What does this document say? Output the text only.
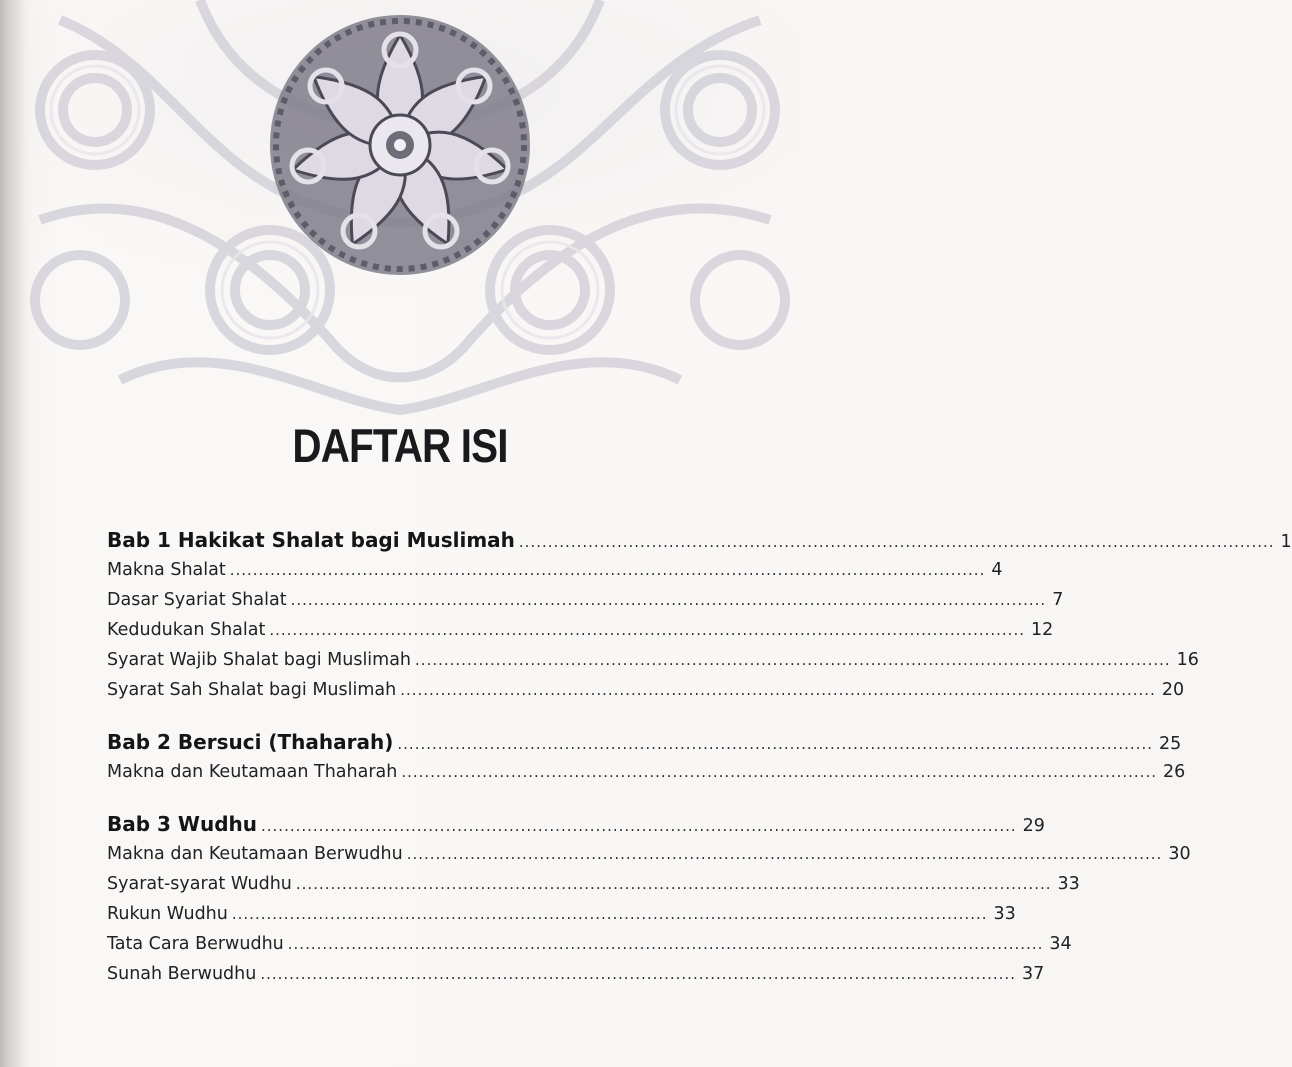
DAFTAR ISI
Bab 1 Hakikat Shalat bagi Muslimah ................................................................................................................................... 1
Makna Shalat ................................................................................................................................... 4
Dasar Syariat Shalat ................................................................................................................................... 7
Kedudukan Shalat ................................................................................................................................... 12
Syarat Wajib Shalat bagi Muslimah ................................................................................................................................... 16
Syarat Sah Shalat bagi Muslimah ................................................................................................................................... 20
Bab 2 Bersuci (Thaharah) ................................................................................................................................... 25
Makna dan Keutamaan Thaharah ................................................................................................................................... 26
Bab 3 Wudhu ................................................................................................................................... 29
Makna dan Keutamaan Berwudhu ................................................................................................................................... 30
Syarat-syarat Wudhu ................................................................................................................................... 33
Rukun Wudhu ................................................................................................................................... 33
Tata Cara Berwudhu ................................................................................................................................... 34
Sunah Berwudhu ................................................................................................................................... 37
